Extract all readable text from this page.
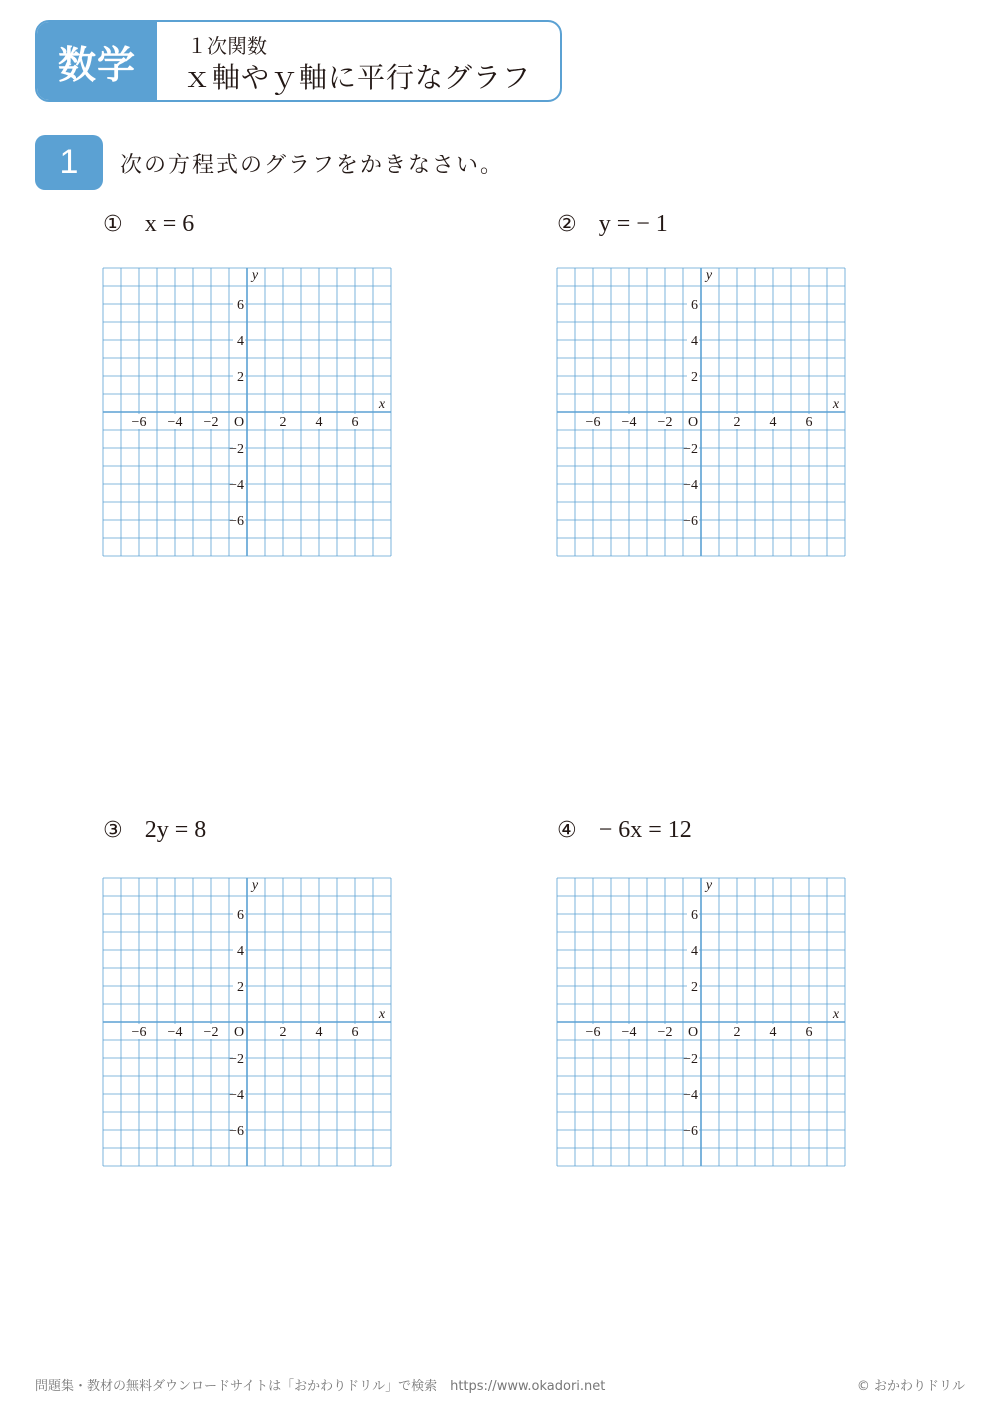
数学	１次関数
ｘ軸やｙ軸に平行なグラフ
1	次の方程式のグラフをかきなさい。
① x = 6	② y = − 1
③ 2y = 8	④ − 6x = 12
−6 −4 −2	2 4 6
6
4
2
−2
−4
−6
O
x
y
−6 −4 −2	2 4 6
6
4
2
−2
−4
−6
O
x
y
−6 −4 −2	2 4 6
6
4
2
−2
−4
−6
O
x
y
−6 −4 −2	2 4 6
6
4
2
−2
−4
−6
O
x
y
問題集・教材の無料ダウンロードサイトは「おかわりドリル」で検索　https://www.okadori.net	© おかわりドリル
